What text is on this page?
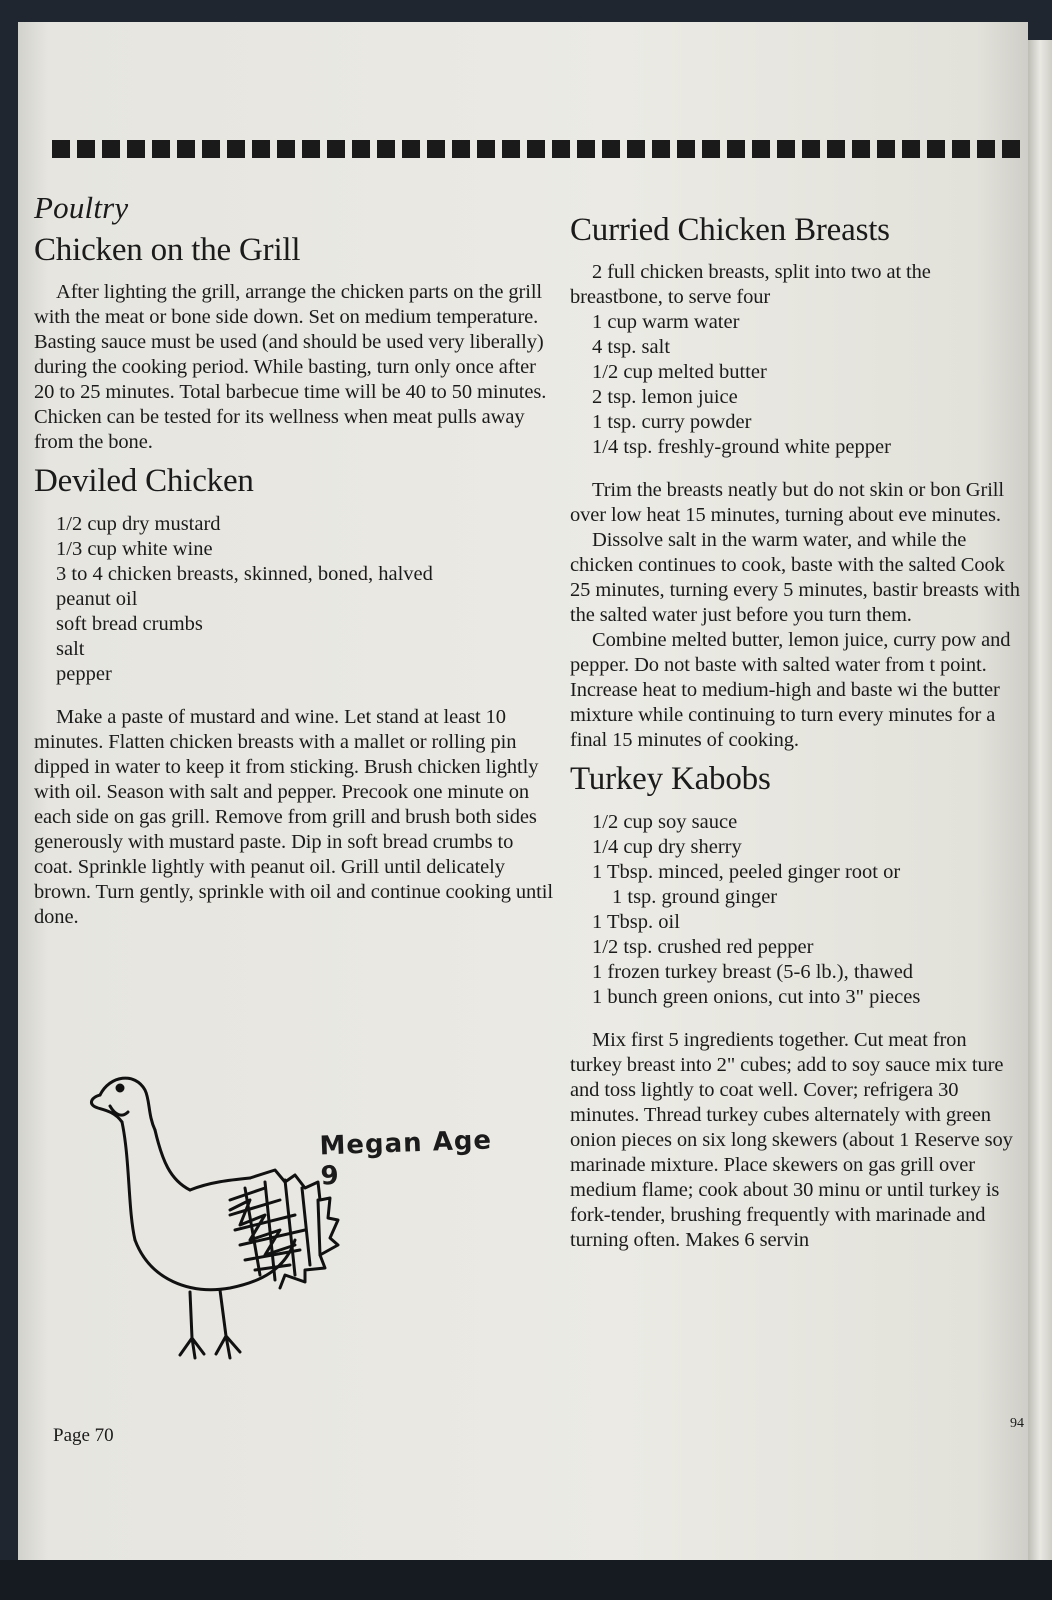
Poultry
Chicken on the Grill

After lighting the grill, arrange the chicken parts on the grill with the meat or bone side down. Set on medium temperature. Basting sauce must be used (and should be used very liberally) during the cooking period. While basting, turn only once after 20 to 25 minutes. Total barbecue time will be 40 to 50 minutes. Chicken can be tested for its wellness when meat pulls away from the bone.

Deviled Chicken
1/2 cup dry mustard
1/3 cup white wine
3 to 4 chicken breasts, skinned, boned, halved
peanut oil
soft bread crumbs
salt
pepper

Make a paste of mustard and wine. Let stand at least 10 minutes. Flatten chicken breasts with a mallet or rolling pin dipped in water to keep it from sticking. Brush chicken lightly with oil. Season with salt and pepper. Precook one minute on each side on gas grill. Remove from grill and brush both sides generously with mustard paste. Dip in soft bread crumbs to coat. Sprinkle lightly with peanut oil. Grill until delicately brown. Turn gently, sprinkle with oil and continue cooking until done.

Megan Age 9
Page 70
Curried Chicken Breasts

2 full chicken breasts, split into two at the breastbone, to serve four

1 cup warm water
4 tsp. salt
1/2 cup melted butter
2 tsp. lemon juice
1 tsp. curry powder
1/4 tsp. freshly-ground white pepper

Trim the breasts neatly but do not skin or bon Grill over low heat 15 minutes, turning about eve minutes.

Dissolve salt in the warm water, and while the chicken continues to cook, baste with the salted Cook 25 minutes, turning every 5 minutes, bastir breasts with the salted water just before you turn them.

Combine melted butter, lemon juice, curry pow and pepper. Do not baste with salted water from t point. Increase heat to medium-high and baste wi the butter mixture while continuing to turn every minutes for a final 15 minutes of cooking.

Turkey Kabobs
1/2 cup soy sauce
1/4 cup dry sherry
1 Tbsp. minced, peeled ginger root or
1 tsp. ground ginger
1 Tbsp. oil
1/2 tsp. crushed red pepper
1 frozen turkey breast (5-6 lb.), thawed
1 bunch green onions, cut into 3" pieces

Mix first 5 ingredients together. Cut meat fron turkey breast into 2" cubes; add to soy sauce mix ture and toss lightly to coat well. Cover; refrigera 30 minutes. Thread turkey cubes alternately with green onion pieces on six long skewers (about 1 Reserve soy marinade mixture. Place skewers on gas grill over medium flame; cook about 30 minu or until turkey is fork-tender, brushing frequently with marinade and turning often. Makes 6 servin

94
